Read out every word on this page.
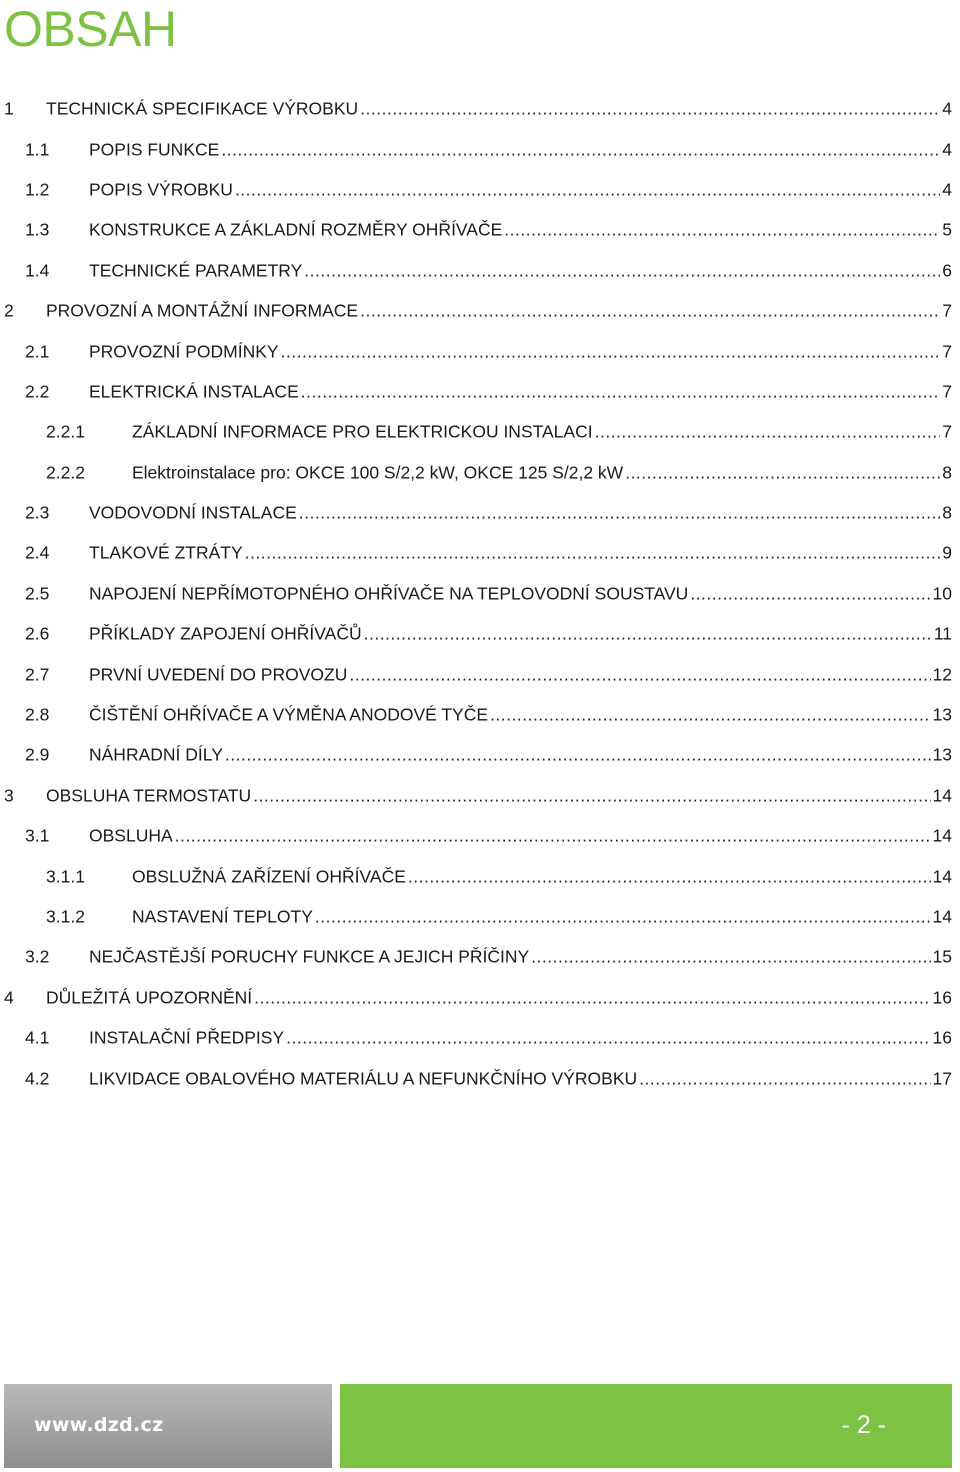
OBSAH
1 TECHNICKÁ SPECIFIKACE VÝROBKU .....	4
1.1 POPIS FUNKCE .....	4
1.2 POPIS VÝROBKU .....	4
1.3 KONSTRUKCE A ZÁKLADNÍ ROZMĚRY OHŘÍVAČE .....	5
1.4 TECHNICKÉ PARAMETRY .....	6
2 PROVOZNÍ A MONTÁŽNÍ INFORMACE .....	7
2.1 PROVOZNÍ PODMÍNKY .....	7
2.2 ELEKTRICKÁ INSTALACE .....	7
2.2.1	ZÁKLADNÍ INFORMACE PRO ELEKTRICKOU INSTALACI .....	7
2.2.2	Elektroinstalace pro: OKCE 100 S/2,2 kW, OKCE 125 S/2,2 kW .....	8
2.3 VODOVODNÍ INSTALACE .....	8
2.4 TLAKOVÉ ZTRÁTY .....	9
2.5 NAPOJENÍ NEPŘÍMOTOPNÉHO OHŘÍVAČE NA TEPLOVODNÍ SOUSTAVU .....	10
2.6 PŘÍKLADY ZAPOJENÍ OHŘÍVAČŮ .....	11
2.7 PRVNÍ UVEDENÍ DO PROVOZU .....	12
2.8 ČIŠTĚNÍ OHŘÍVAČE A VÝMĚNA ANODOVÉ TYČE .....	13
2.9 NÁHRADNÍ DÍLY .....	13
3 OBSLUHA TERMOSTATU .....	14
3.1 OBSLUHA .....	14
3.1.1	OBSLUŽNÁ ZAŘÍZENÍ OHŘÍVAČE .....	14
3.1.2	NASTAVENÍ TEPLOTY .....	14
3.2 NEJČASTĚJŠÍ PORUCHY FUNKCE A JEJICH PŘÍČINY .....	15
4 DŮLEŽITÁ UPOZORNĚNÍ .....	16
4.1 INSTALAČNÍ PŘEDPISY .....	16
4.2 LIKVIDACE OBALOVÉHO MATERIÁLU A NEFUNKČNÍHO VÝROBKU .....	17
www.dzd.cz	- 2 -
